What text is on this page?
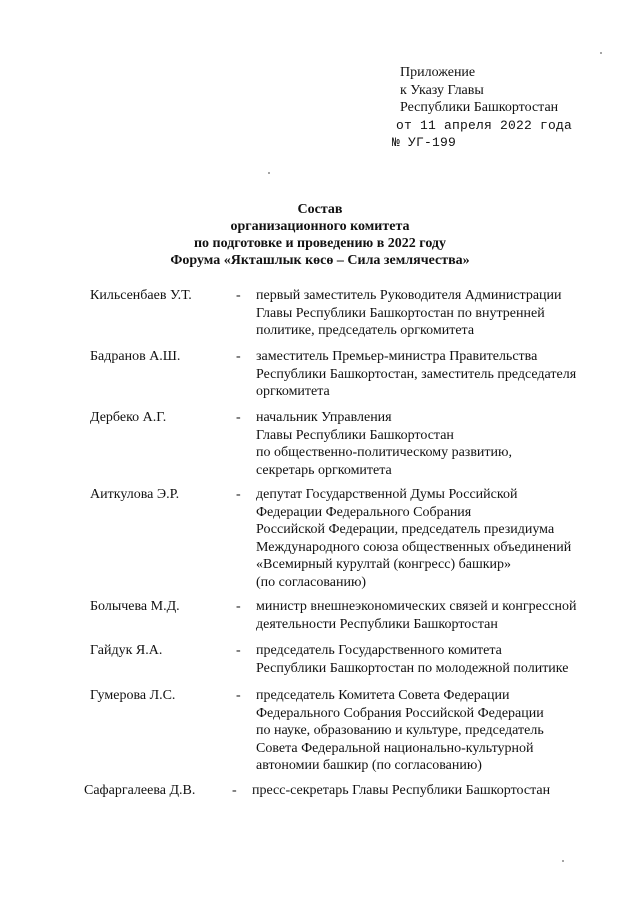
Приложение
к Указу Главы
Республики Башкортостан
от 11 апреля 2022 года
№ УГ-199
Состав
организационного комитета
по подготовке и проведению в 2022 году
Форума «Якташлык көсө – Сила землячества»
Кильсенбаев У.Т.	- первый заместитель Руководителя Администрации
Главы Республики Башкортостан по внутренней
политике, председатель оргкомитета
Бадранов А.Ш.	- заместитель Премьер-министра Правительства
Республики Башкортостан, заместитель председателя
оргкомитета
Дербеко А.Г.	- начальник Управления
Главы Республики Башкортостан
по общественно-политическому развитию,
секретарь оргкомитета
Аиткулова Э.Р.	- депутат Государственной Думы Российской
Федерации Федерального Собрания
Российской Федерации, председатель президиума
Международного союза общественных объединений
«Всемирный курултай (конгресс) башкир»
(по согласованию)
Болычева М.Д.	- министр внешнеэкономических связей и конгрессной
деятельности Республики Башкортостан
Гайдук Я.А.	- председатель Государственного комитета
Республики Башкортостан по молодежной политике
Гумерова Л.С.	- председатель Комитета Совета Федерации
Федерального Собрания Российской Федерации
по науке, образованию и культуре, председатель
Совета Федеральной национально-культурной
автономии башкир (по согласованию)
Сафаргалеева Д.В.	- пресс-секретарь Главы Республики Башкортостан
